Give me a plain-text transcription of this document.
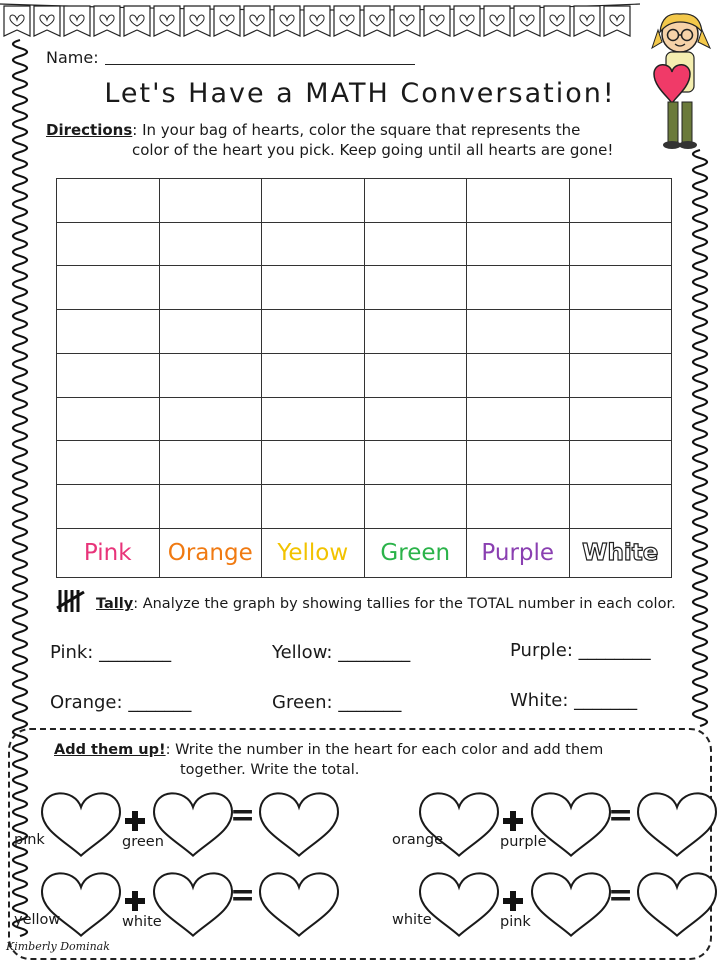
Name:
Let's Have a MATH Conversation!
Directions: In your bag of hearts, color the square that represents the
color of the heart you pick. Keep going until all hearts are gone!

Pink	Orange	Yellow	Green	Purple	White
Tally: Analyze the graph by showing tallies for the TOTAL number in each color.
Pink: ________	Yellow: ________	Purple: ________
Orange: _______	Green: _______	White: _______
Add them up!: Write the number in the heart for each color and add them
together. Write the total.
=
pink	green
=
orange	purple
=
yellow	white
=
white	pink
Kimberly Dominak
